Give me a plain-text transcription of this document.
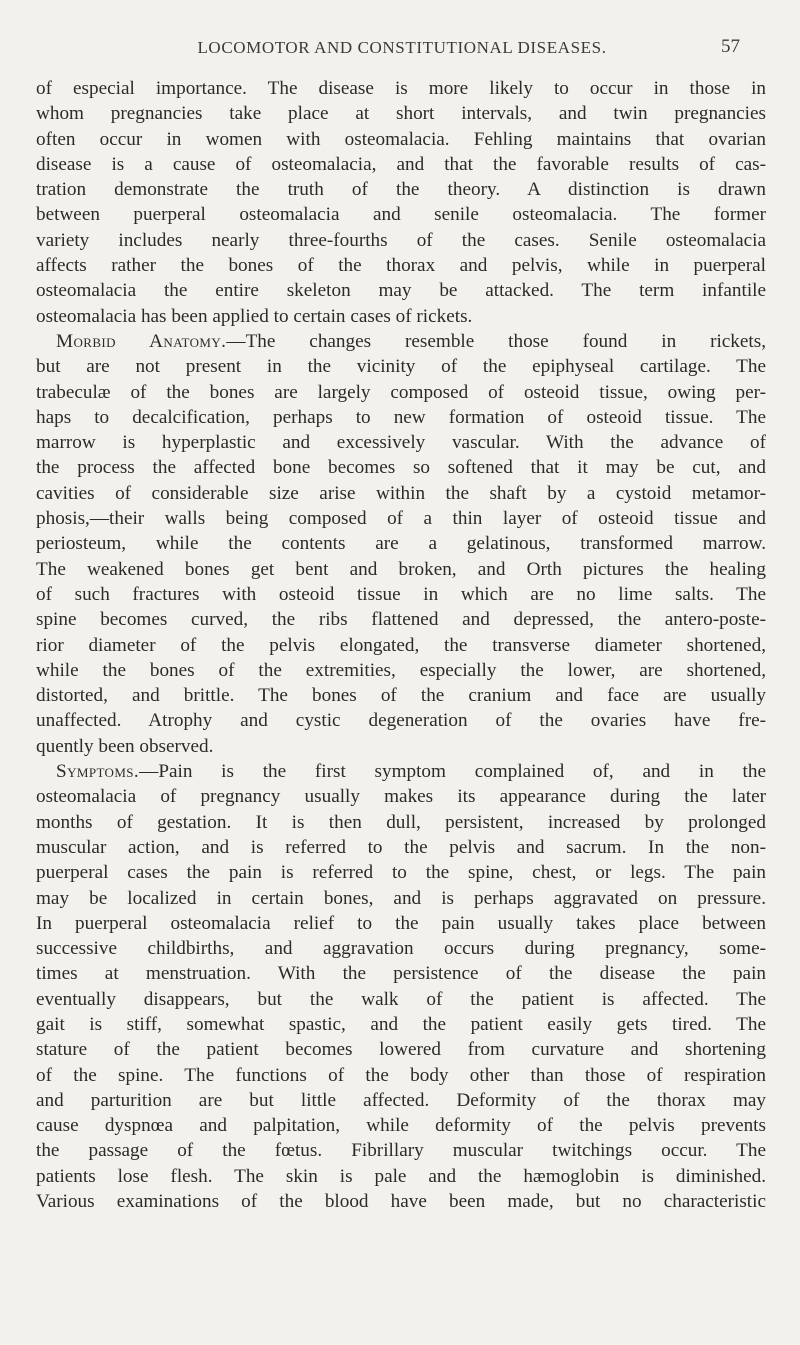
LOCOMOTOR AND CONSTITUTIONAL DISEASES.	57
of especial importance. The disease is more likely to occur in those in
whom pregnancies take place at short intervals, and twin pregnancies
often occur in women with osteomalacia. Fehling maintains that ovarian
disease is a cause of osteomalacia, and that the favorable results of cas-
tration demonstrate the truth of the theory. A distinction is drawn
between puerperal osteomalacia and senile osteomalacia. The former
variety includes nearly three-fourths of the cases. Senile osteomalacia
affects rather the bones of the thorax and pelvis, while in puerperal
osteomalacia the entire skeleton may be attacked. The term infantile
osteomalacia has been applied to certain cases of rickets.
Morbid Anatomy.—The changes resemble those found in rickets,
but are not present in the vicinity of the epiphyseal cartilage. The
trabeculæ of the bones are largely composed of osteoid tissue, owing per-
haps to decalcification, perhaps to new formation of osteoid tissue. The
marrow is hyperplastic and excessively vascular. With the advance of
the process the affected bone becomes so softened that it may be cut, and
cavities of considerable size arise within the shaft by a cystoid metamor-
phosis,—their walls being composed of a thin layer of osteoid tissue and
periosteum, while the contents are a gelatinous, transformed marrow.
The weakened bones get bent and broken, and Orth pictures the healing
of such fractures with osteoid tissue in which are no lime salts. The
spine becomes curved, the ribs flattened and depressed, the antero-poste-
rior diameter of the pelvis elongated, the transverse diameter shortened,
while the bones of the extremities, especially the lower, are shortened,
distorted, and brittle. The bones of the cranium and face are usually
unaffected. Atrophy and cystic degeneration of the ovaries have fre-
quently been observed.
Symptoms.—Pain is the first symptom complained of, and in the
osteomalacia of pregnancy usually makes its appearance during the later
months of gestation. It is then dull, persistent, increased by prolonged
muscular action, and is referred to the pelvis and sacrum. In the non-
puerperal cases the pain is referred to the spine, chest, or legs. The pain
may be localized in certain bones, and is perhaps aggravated on pressure.
In puerperal osteomalacia relief to the pain usually takes place between
successive childbirths, and aggravation occurs during pregnancy, some-
times at menstruation. With the persistence of the disease the pain
eventually disappears, but the walk of the patient is affected. The
gait is stiff, somewhat spastic, and the patient easily gets tired. The
stature of the patient becomes lowered from curvature and shortening
of the spine. The functions of the body other than those of respiration
and parturition are but little affected. Deformity of the thorax may
cause dyspnœa and palpitation, while deformity of the pelvis prevents
the passage of the fœtus. Fibrillary muscular twitchings occur. The
patients lose flesh. The skin is pale and the hæmoglobin is diminished.
Various examinations of the blood have been made, but no characteristic
